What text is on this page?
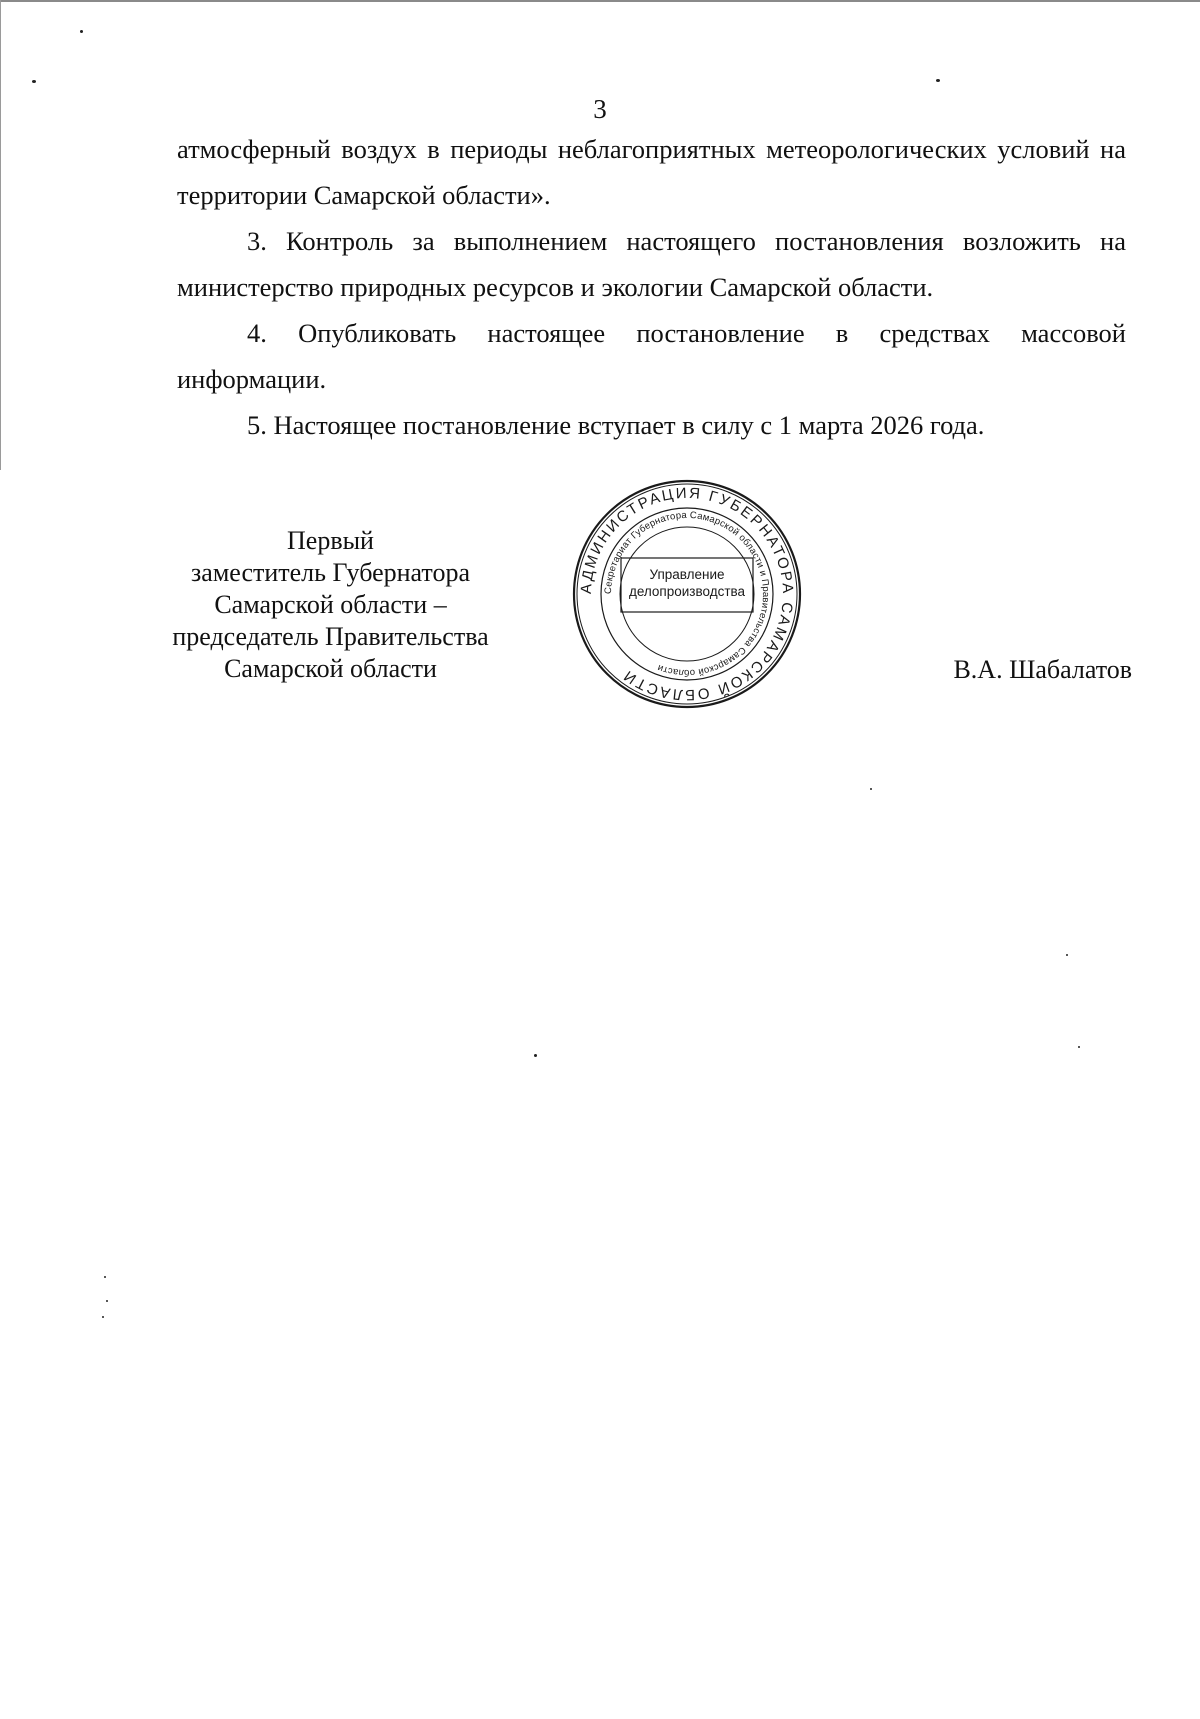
3

атмосферный воздух в периоды неблагоприятных метеорологических условий на территории Самарской области».

3. Контроль за выполнением настоящего постановления возложить на министерство природных ресурсов и экологии Самарской области.

4. Опубликовать настоящее постановление в средствах массовой информации.

5. Настоящее постановление вступает в силу с 1 марта 2026 года.

Первый
заместитель Губернатора
Самарской области –
председатель Правительства
Самарской области
АДМИНИСТРАЦИЯ ГУБЕРНАТОРА САМАРСКОЙ ОБЛАСТИ
Секретариат Губернатора Самарской области и Правительства Самарской области
Управление
делопроизводства
В.А. Шабалатов
